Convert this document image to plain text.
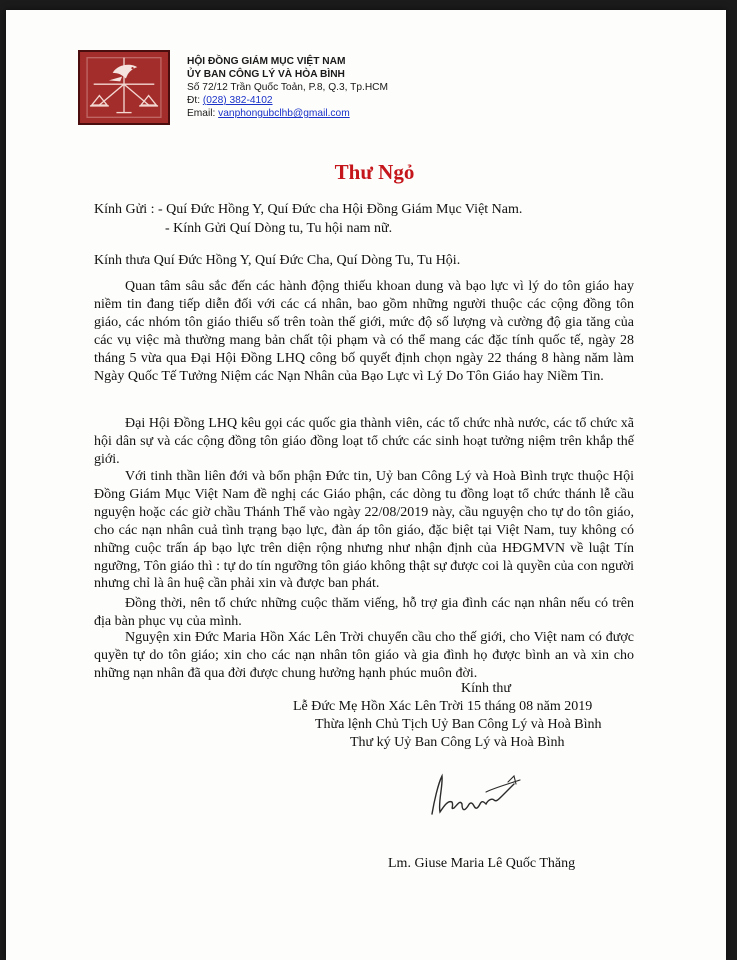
HỘI ĐỒNG GIÁM MỤC VIỆT NAM
ỦY BAN CÔNG LÝ VÀ HÒA BÌNH
Số 72/12 Trần Quốc Toản, P.8, Q.3, Tp.HCM
Đt: (028) 382-4102
Email: vanphongubclhb@gmail.com
Thư Ngỏ

Kính Gửi : - Quí Đức Hồng Y, Quí Đức cha Hội Đồng Giám Mục Việt Nam.

- Kính Gửi Quí Dòng tu, Tu hội nam nữ.

Kính thưa Quí Đức Hồng Y, Quí Đức Cha, Quí Dòng Tu, Tu Hội.

Quan tâm sâu sắc đến các hành động thiếu khoan dung và bạo lực vì lý do tôn giáo hay niềm tin đang tiếp diễn đối với các cá nhân, bao gồm những người thuộc các cộng đồng tôn giáo, các nhóm tôn giáo thiểu số trên toàn thế giới, mức độ số lượng và cường độ gia tăng của các vụ việc mà thường mang bản chất tội phạm và có thể mang các đặc tính quốc tế, ngày 28 tháng 5 vừa qua Đại Hội Đồng LHQ công bố quyết định chọn ngày 22 tháng 8 hàng năm làm Ngày Quốc Tế Tưởng Niệm các Nạn Nhân của Bạo Lực vì Lý Do Tôn Giáo hay Niềm Tin.

Đại Hội Đồng LHQ kêu gọi các quốc gia thành viên, các tổ chức nhà nước, các tổ chức xã hội dân sự và các cộng đồng tôn giáo đồng loạt tổ chức các sinh hoạt tưởng niệm trên khắp thế giới.

Với tinh thần liên đới và bổn phận Đức tin, Uỷ ban Công Lý và Hoà Bình trực thuộc Hội Đồng Giám Mục Việt Nam đề nghị các Giáo phận, các dòng tu đồng loạt tổ chức thánh lễ cầu nguyện hoặc các giờ chầu Thánh Thể vào ngày 22/08/2019 này, cầu nguyện cho tự do tôn giáo, cho các nạn nhân cuả tình trạng bạo lực, đàn áp tôn giáo, đặc biệt tại Việt Nam, tuy không có những cuộc trấn áp bạo lực trên diện rộng nhưng như nhận định của HĐGMVN về luật Tín ngưỡng, Tôn giáo thì : tự do tín ngưỡng tôn giáo không thật sự được coi là quyền của con người nhưng chỉ là ân huệ cần phải xin và được ban phát.

Đồng thời, nên tổ chức những cuộc thăm viếng, hỗ trợ gia đình các nạn nhân nếu có trên địa bàn phục vụ của mình.

Nguyện xin Đức Maria Hồn Xác Lên Trời chuyển cầu cho thế giới, cho Việt nam có được quyền tự do tôn giáo; xin cho các nạn nhân tôn giáo và gia đình họ được bình an và xin cho những nạn nhân đã qua đời được chung hưởng hạnh phúc muôn đời.

Kính thư
Lễ Đức Mẹ Hồn Xác Lên Trời 15 tháng 08 năm 2019
Thừa lệnh Chủ Tịch Uỷ Ban Công Lý và Hoà Bình
Thư ký Uỷ Ban Công Lý và Hoà Bình
Lm. Giuse Maria Lê Quốc Thăng
